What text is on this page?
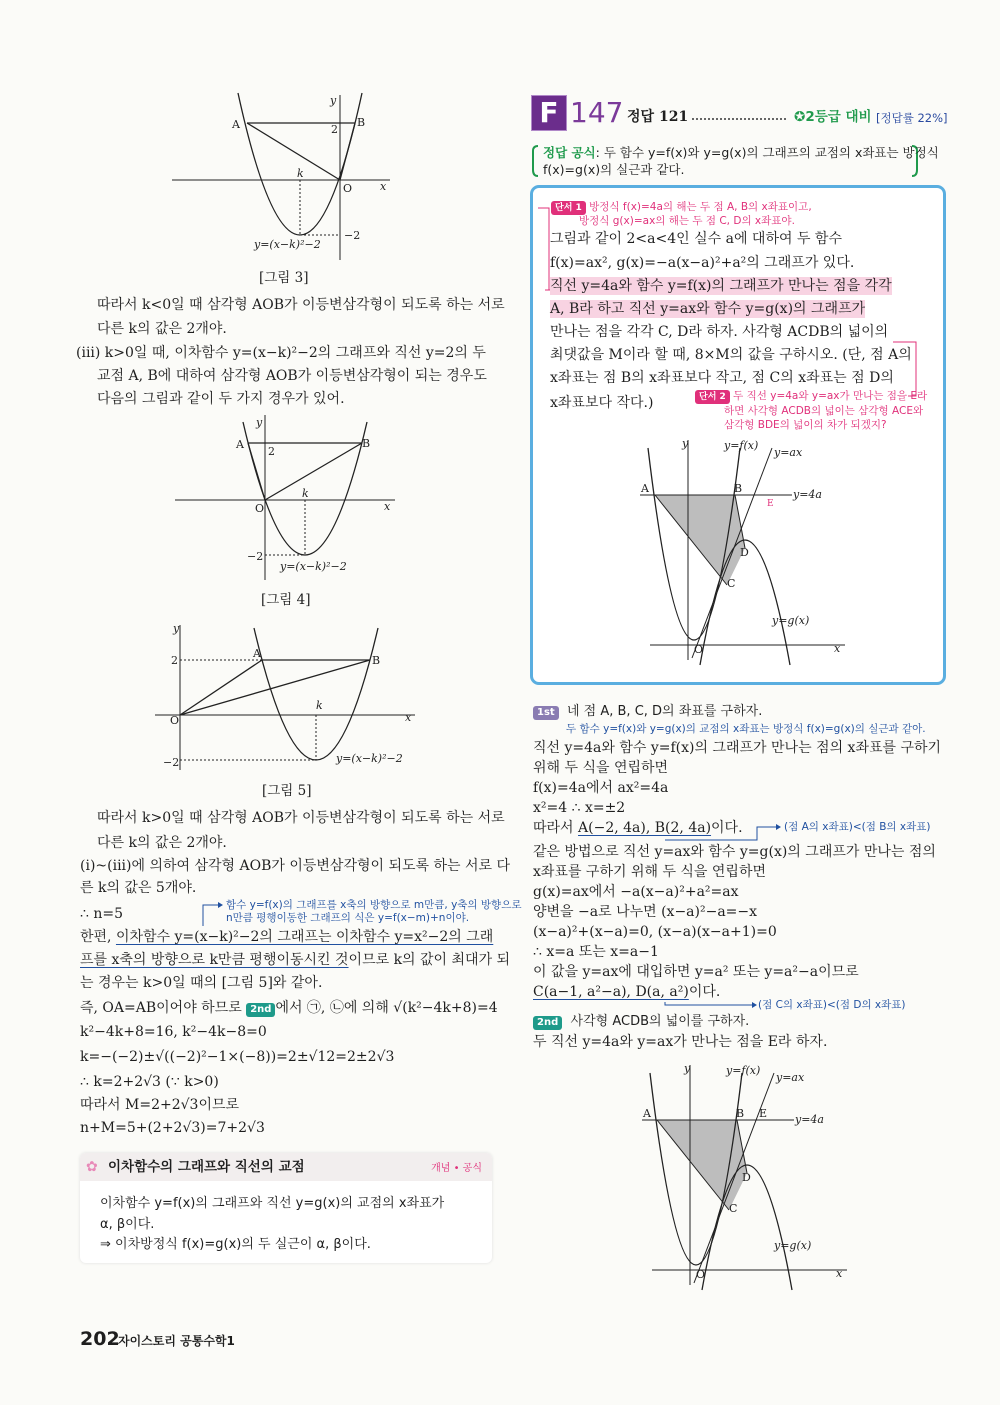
A	B
2
k
O	x
y
−2
y=(x−k)²−2
[그림 3]
따라서 k<0일 때 삼각형 AOB가 이등변삼각형이 되도록 하는 서로
다른 k의 값은 2개야.
(iii) k>0일 때, 이차함수 y=(x−k)²−2의 그래프와 직선 y=2의 두
교점 A, B에 대하여 삼각형 AOB가 이등변삼각형이 되는 경우도
다음의 그림과 같이 두 가지 경우가 있어.
A	B
2
k
O	x
y
−2
y=(x−k)²−2
[그림 4]
A
B
2
k
O	x
y
−2	y=(x−k)²−2
[그림 5]
따라서 k>0일 때 삼각형 AOB가 이등변삼각형이 되도록 하는 서로
다른 k의 값은 2개야.
(i)~(iii)에 의하여 삼각형 AOB가 이등변삼각형이 되도록 하는 서로 다
른 k의 값은 5개야.
∴ n=5
함수 y=f(x)의 그래프를 x축의 방향으로 m만큼, y축의 방향으로
n만큼 평행이동한 그래프의 식은 y=f(x−m)+n이야.
한편, 이차함수 y=(x−k)²−2의 그래프는 이차함수 y=x²−2의 그래
프를 x축의 방향으로 k만큼 평행이동시킨 것이므로 k의 값이 최대가 되
는 경우는 k>0일 때의 [그림 5]와 같아.
즉, OA=AB이어야 하므로 2nd 에서 ㉠, ㉡에 의해 √(k²−4k+8)=4
k²−4k+8=16, k²−4k−8=0
k=−(−2)±√((−2)²−1×(−8))=2±√12=2±2√3
∴ k=2+2√3 (∵ k>0)
따라서 M=2+2√3이므로
n+M=5+(2+2√3)=7+2√3
✿ 이차함수의 그래프와 직선의 교점	개념 • 공식
이차함수 y=f(x)의 그래프와 직선 y=g(x)의 교점의 x좌표가
α, β이다.
⇒ 이차방정식 f(x)=g(x)의 두 실근이 α, β이다.
202
자이스토리 공통수학1
F 147 정답 121	✪2등급 대비 [정답률 22%]
정답 공식: 두 함수 y=f(x)와 y=g(x)의 그래프의 교점의 x좌표는 방정식
f(x)=g(x)의 실근과 같다.
단서 1 방정식 f(x)=4a의 해는 두 점 A, B의 x좌표이고,
방정식 g(x)=ax의 해는 두 점 C, D의 x좌표야.
그림과 같이 2<a<4인 실수 a에 대하여 두 함수
f(x)=ax², g(x)=−a(x−a)²+a²의 그래프가 있다.
직선 y=4a와 함수 y=f(x)의 그래프가 만나는 점을 각각
A, B라 하고 직선 y=ax와 함수 y=g(x)의 그래프가
만나는 점을 각각 C, D라 하자. 사각형 ACDB의 넓이의
최댓값을 M이라 할 때, 8×M의 값을 구하시오. (단, 점 A의
x좌표는 점 B의 x좌표보다 작고, 점 C의 x좌표는 점 D의
x좌표보다 작다.)	단서 2 두 직선 y=4a와 y=ax가 만나는 점을 E라
하면 사각형 ACDB의 넓이는 삼각형 ACE와
삼각형 BDE의 넓이의 차가 되겠지?
y
x
O
A	B
C
D
E
y=f(x)
y=ax
y=4a
y=g(x)
1st 네 점 A, B, C, D의 좌표를 구하자.
두 함수 y=f(x)와 y=g(x)의 교점의 x좌표는 방정식 f(x)=g(x)의 실근과 같아.
직선 y=4a와 함수 y=f(x)의 그래프가 만나는 점의 x좌표를 구하기
위해 두 식을 연립하면
f(x)=4a에서 ax²=4a
x²=4 ∴ x=±2
따라서 A(−2, 4a), B(2, 4a)이다.	(점 A의 x좌표)<(점 B의 x좌표)
같은 방법으로 직선 y=ax와 함수 y=g(x)의 그래프가 만나는 점의
x좌표를 구하기 위해 두 식을 연립하면
g(x)=ax에서 −a(x−a)²+a²=ax
양변을 −a로 나누면 (x−a)²−a=−x
(x−a)²+(x−a)=0, (x−a)(x−a+1)=0
∴ x=a 또는 x=a−1
이 값을 y=ax에 대입하면 y=a² 또는 y=a²−a이므로
C(a−1, a²−a), D(a, a²)이다.
(점 C의 x좌표)<(점 D의 x좌표)
2nd 사각형 ACDB의 넓이를 구하자.
두 직선 y=4a와 y=ax가 만나는 점을 E라 하자.
y
x
O
A	B
C
D
E
y=f(x)
y=ax
y=4a
y=g(x)
